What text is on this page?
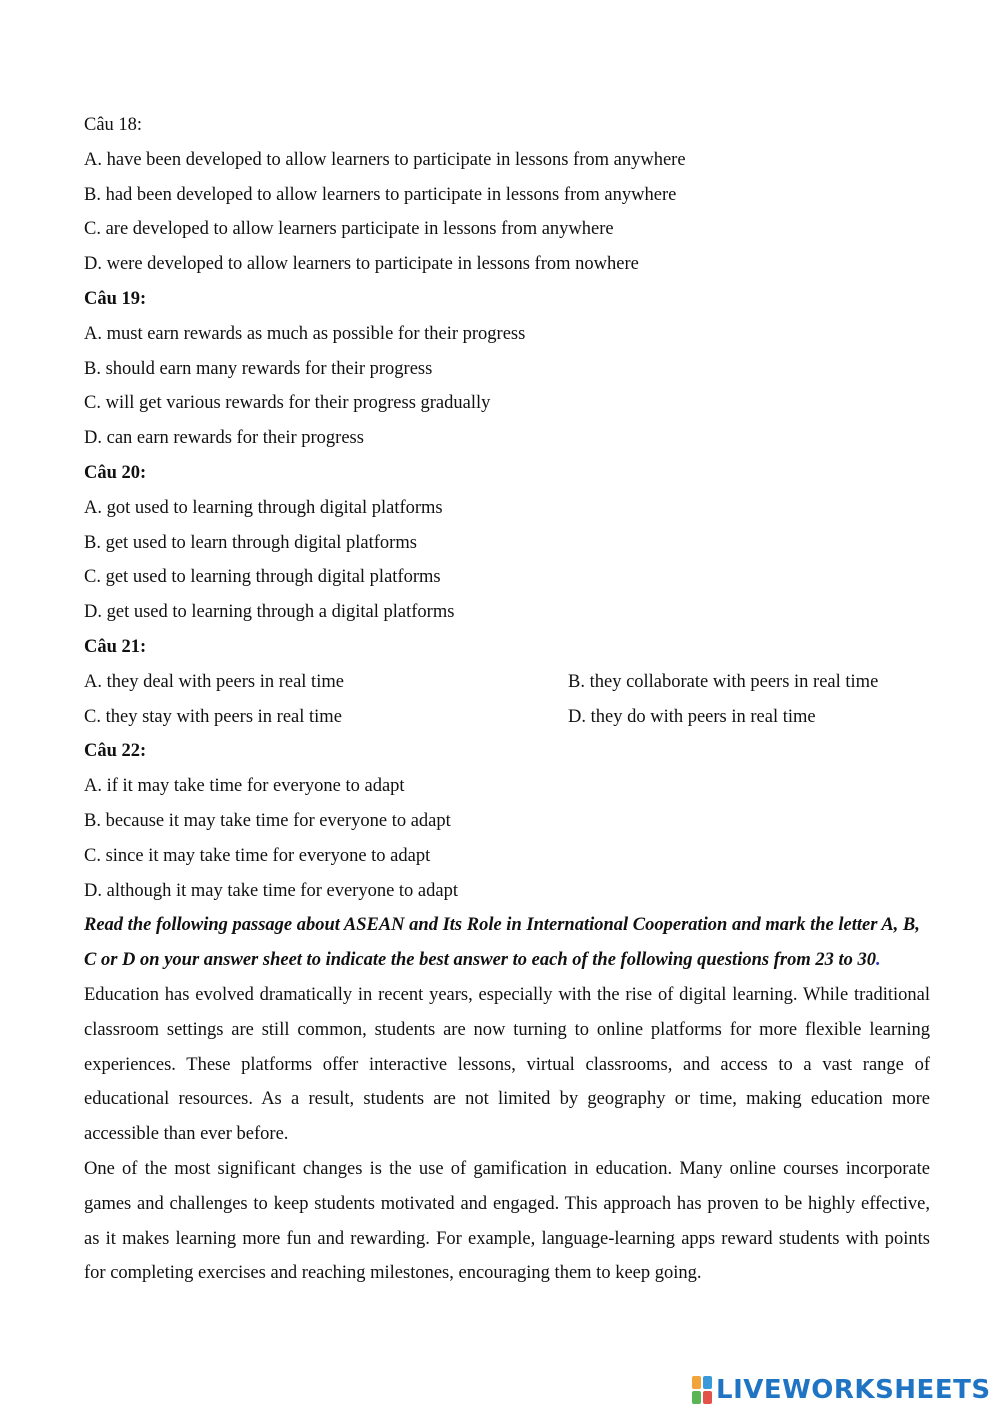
Câu 18:
A. have been developed to allow learners to participate in lessons from anywhere
B. had been developed to allow learners to participate in lessons from anywhere
C. are developed to allow learners participate in lessons from anywhere
D. were developed to allow learners to participate in lessons from nowhere
Câu 19:
A. must earn rewards as much as possible for their progress
B. should earn many rewards for their progress
C. will get various rewards for their progress gradually
D. can earn rewards for their progress
Câu 20:
A. got used to learning through digital platforms
B. get used to learn through digital platforms
C. get used to learning through digital platforms
D. get used to learning through a digital platforms
Câu 21:
A. they deal with peers in real time	B. they collaborate with peers in real time
C. they stay with peers in real time	D. they do with peers in real time
Câu 22:
A. if it may take time for everyone to adapt
B. because it may take time for everyone to adapt
C. since it may take time for everyone to adapt
D. although it may take time for everyone to adapt
Read the following passage about ASEAN and Its Role in International Cooperation and mark the letter A, B, C or D on your answer sheet to indicate the best answer to each of the following questions from 23 to 30.

Education has evolved dramatically in recent years, especially with the rise of digital learning. While traditional classroom settings are still common, students are now turning to online platforms for more flexible learning experiences. These platforms offer interactive lessons, virtual classrooms, and access to a vast range of educational resources. As a result, students are not limited by geography or time, making education more accessible than ever before.

One of the most significant changes is the use of gamification in education. Many online courses incorporate games and challenges to keep students motivated and engaged. This approach has proven to be highly effective, as it makes learning more fun and rewarding. For example, language-learning apps reward students with points for completing exercises and reaching milestones, encouraging them to keep going.

LIVEWORKSHEETS
